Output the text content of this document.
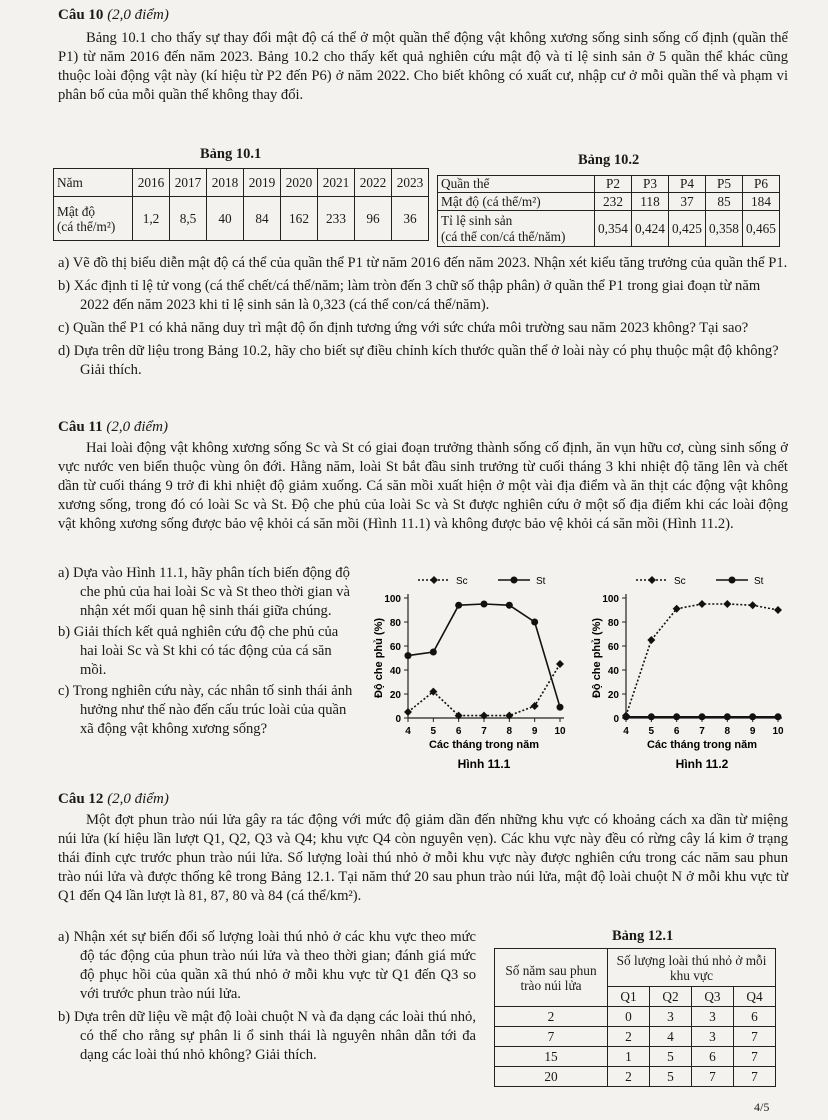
Câu 10 (2,0 điểm)

Bảng 10.1 cho thấy sự thay đổi mật độ cá thể ở một quần thể động vật không xương sống sinh sống cố định (quần thể P1) từ năm 2016 đến năm 2023. Bảng 10.2 cho thấy kết quả nghiên cứu mật độ và tỉ lệ sinh sản ở 5 quần thể khác cũng thuộc loài động vật này (kí hiệu từ P2 đến P6) ở năm 2022. Cho biết không có xuất cư, nhập cư ở mỗi quần thể và phạm vi phân bố của mỗi quần thể không thay đổi.

Bảng 10.1
Năm	2016	2017	2018	2019	2020	2021	2022	2023
Mật độ
(cá thể/m²)	1,2	8,5	40	84	162	233	96	36
Bảng 10.2
Quần thể	P2	P3	P4	P5	P6
Mật độ (cá thể/m²)	232	118	37	85	184
Tỉ lệ sinh sản
(cá thể con/cá thể/năm)	0,354	0,424	0,425	0,358	0,465

a) Vẽ đồ thị biểu diễn mật độ cá thể của quần thể P1 từ năm 2016 đến năm 2023. Nhận xét kiểu tăng trưởng của quần thể P1.

b) Xác định tỉ lệ tử vong (cá thể chết/cá thể/năm; làm tròn đến 3 chữ số thập phân) ở quần thể P1 trong giai đoạn từ năm 2022 đến năm 2023 khi tỉ lệ sinh sản là 0,323 (cá thể con/cá thể/năm).

c) Quần thể P1 có khả năng duy trì mật độ ổn định tương ứng với sức chứa môi trường sau năm 2023 không? Tại sao?

d) Dựa trên dữ liệu trong Bảng 10.2, hãy cho biết sự điều chỉnh kích thước quần thể ở loài này có phụ thuộc mật độ không? Giải thích.

Câu 11 (2,0 điểm)

Hai loài động vật không xương sống Sc và St có giai đoạn trưởng thành sống cố định, ăn vụn hữu cơ, cùng sinh sống ở vực nước ven biển thuộc vùng ôn đới. Hằng năm, loài St bắt đầu sinh trưởng từ cuối tháng 3 khi nhiệt độ tăng lên và chết dần từ cuối tháng 9 trở đi khi nhiệt độ giảm xuống. Cá săn mồi xuất hiện ở một vài địa điểm và ăn thịt các động vật không xương sống, trong đó có loài Sc và St. Độ che phủ của loài Sc và St được nghiên cứu ở một số địa điểm khi các loài động vật không xương sống được bảo vệ khỏi cá săn mồi (Hình 11.1) và không được bảo vệ khỏi cá săn mồi (Hình 11.2).

a) Dựa vào Hình 11.1, hãy phân tích biến động độ che phủ của hai loài Sc và St theo thời gian và nhận xét mối quan hệ sinh thái giữa chúng.

b) Giải thích kết quả nghiên cứu độ che phủ của hai loài Sc và St khi có tác động của cá săn mồi.

c) Trong nghiên cứu này, các nhân tố sinh thái ảnh hưởng như thế nào đến cấu trúc loài của quần xã động vật không xương sống?

0
20
40
60
80
100
4 5 6 7 8 9 10
Các tháng trong năm
Độ che phủ (%)
Hình 11.1
Sc	St
0
20
40
60
80
100
4 5 6 7 8 9 10
Các tháng trong năm
Độ che phủ (%)
Hình 11.2
Sc	St

Câu 12 (2,0 điểm)

Một đợt phun trào núi lửa gây ra tác động với mức độ giảm dần đến những khu vực có khoảng cách xa dần từ miệng núi lửa (kí hiệu lần lượt Q1, Q2, Q3 và Q4; khu vực Q4 còn nguyên vẹn). Các khu vực này đều có rừng cây lá kim ở trạng thái đỉnh cực trước phun trào núi lửa. Số lượng loài thú nhỏ ở mỗi khu vực này được nghiên cứu trong các năm sau phun trào núi lửa và được thống kê trong Bảng 12.1. Tại năm thứ 20 sau phun trào núi lửa, mật độ loài chuột N ở mỗi khu vực từ Q1 đến Q4 lần lượt là 81, 87, 80 và 84 (cá thể/km²).

a) Nhận xét sự biến đổi số lượng loài thú nhỏ ở các khu vực theo mức độ tác động của phun trào núi lửa và theo thời gian; đánh giá mức độ phục hồi của quần xã thú nhỏ ở mỗi khu vực từ Q1 đến Q3 so với trước phun trào núi lửa.

b) Dựa trên dữ liệu về mật độ loài chuột N và đa dạng các loài thú nhỏ, có thể cho rằng sự phân li ổ sinh thái là nguyên nhân dẫn tới đa dạng các loài thú nhỏ không? Giải thích.

Bảng 12.1
Số năm sau phun trào núi lửa	Số lượng loài thú nhỏ ở mỗi khu vực			
	Q1	Q2	Q3	Q4
2	0	3	3	6
7	2	4	3	7
15	1	5	6	7
20	2	5	7	7
4/5
